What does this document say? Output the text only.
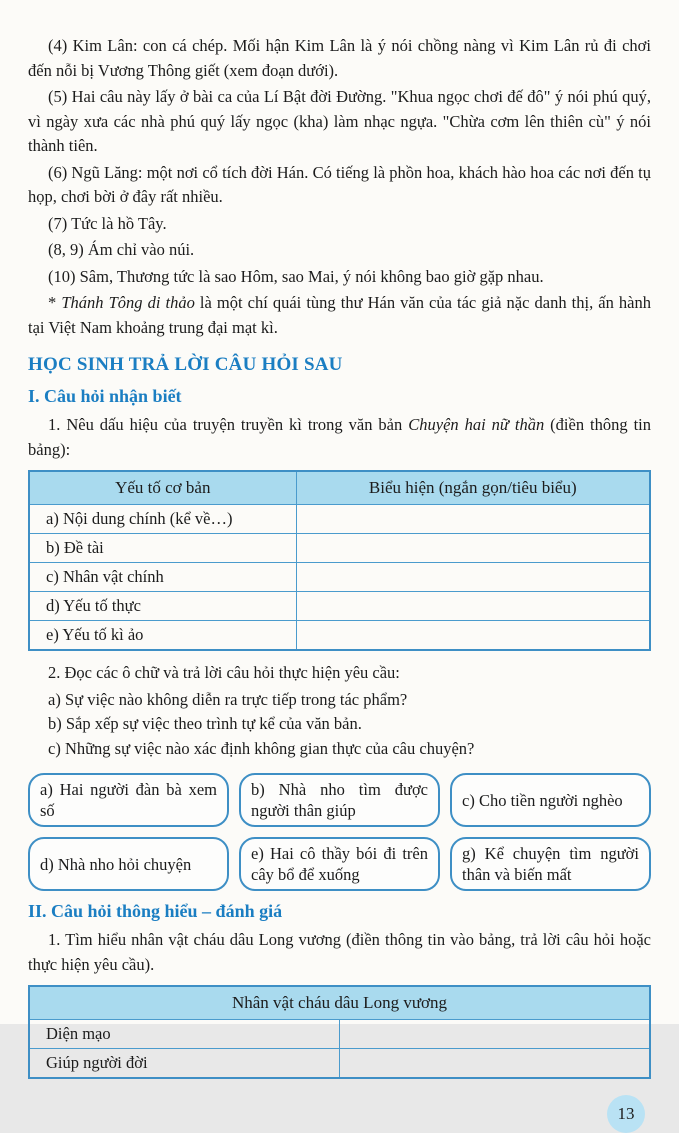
(4) Kim Lân: con cá chép. Mối hận Kim Lân là ý nói chồng nàng vì Kim Lân rủ đi chơi đến nỗi bị Vương Thông giết (xem đoạn dưới).

(5) Hai câu này lấy ở bài ca của Lí Bật đời Đường. "Khua ngọc chơi đế đô" ý nói phú quý, vì ngày xưa các nhà phú quý lấy ngọc (kha) làm nhạc ngựa. "Chừa cơm lên thiên cù" ý nói thành tiên.

(6) Ngũ Lăng: một nơi cổ tích đời Hán. Có tiếng là phồn hoa, khách hào hoa các nơi đến tụ họp, chơi bời ở đây rất nhiều.

(7) Tức là hồ Tây.

(8, 9) Ám chỉ vào núi.

(10) Sâm, Thương tức là sao Hôm, sao Mai, ý nói không bao giờ gặp nhau.

* Thánh Tông di thảo là một chí quái tùng thư Hán văn của tác giả nặc danh thị, ấn hành tại Việt Nam khoảng trung đại mạt kì.

HỌC SINH TRẢ LỜI CÂU HỎI SAU
I. Câu hỏi nhận biết

1. Nêu dấu hiệu của truyện truyền kì trong văn bản Chuyện hai nữ thần (điền thông tin bảng):

Yếu tố cơ bản	Biểu hiện (ngắn gọn/tiêu biểu)
a) Nội dung chính (kể về…)	
b) Đề tài	
c) Nhân vật chính	
d) Yếu tố thực	
e) Yếu tố kì ảo	

2. Đọc các ô chữ và trả lời câu hỏi thực hiện yêu cầu:

a) Sự việc nào không diễn ra trực tiếp trong tác phẩm?

b) Sắp xếp sự việc theo trình tự kể của văn bản.

c) Những sự việc nào xác định không gian thực của câu chuyện?

a) Hai người đàn bà xem số
b) Nhà nho tìm được người thân giúp
c) Cho tiền người nghèo
d) Nhà nho hỏi chuyện
e) Hai cô thầy bói đi trên cây bổ để xuống
g) Kể chuyện tìm người thân và biến mất
II. Câu hỏi thông hiểu – đánh giá

1. Tìm hiểu nhân vật cháu dâu Long vương (điền thông tin vào bảng, trả lời câu hỏi hoặc thực hiện yêu cầu).

Nhân vật cháu dâu Long vương	
Diện mạo	
Giúp người đời	
13
